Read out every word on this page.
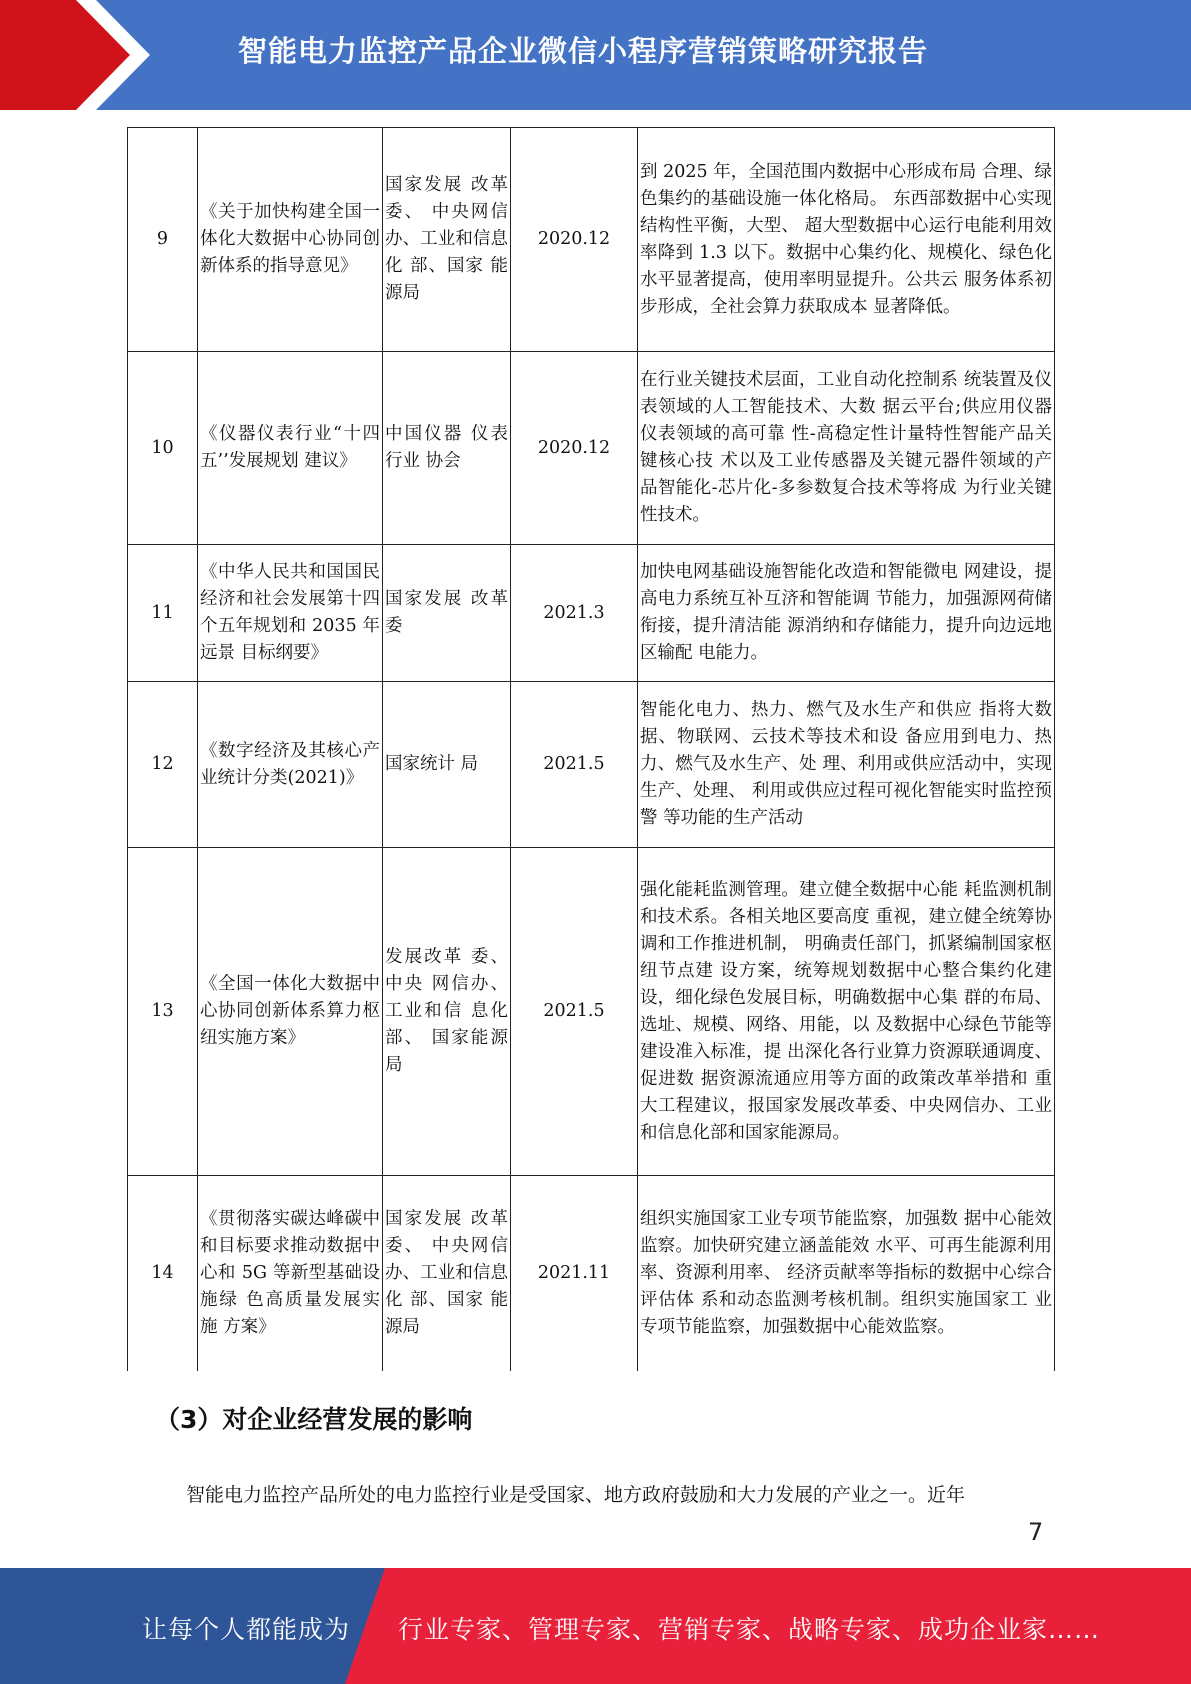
智能电力监控产品企业微信小程序营销策略研究报告
9	《关于加快构建全国一体化大数据中心协同创新体系的指导意见》	国家发展 改革委、 中央网信 办、工业和信息化 部、国家 能源局	2020.12	到 2025 年，全国范围内数据中心形成布局 合理、绿色集约的基础设施一体化格局。 东西部数据中心实现结构性平衡，大型、 超大型数据中心运行电能利用效率降到 1.3 以下。数据中心集约化、规模化、绿色化 水平显著提高，使用率明显提升。公共云 服务体系初步形成，全社会算力获取成本 显著降低。
10	《仪器仪表行业“十四五’’发展规划 建议》	中国仪器 仪表行业 协会	2020.12	在行业关键技术层面，工业自动化控制系 统装置及仪表领域的人工智能技术、大数 据云平台;供应用仪器仪表领域的高可靠 性-高稳定性计量特性智能产品关键核心技 术以及工业传感器及关键元器件领域的产 品智能化-芯片化-多参数复合技术等将成 为行业关键性技术。
11	《中华人民共和国国民经济和社会发展第十四个五年规划和 2035 年远景 目标纲要》	国家发展 改革委	2021.3	加快电网基础设施智能化改造和智能微电 网建设，提高电力系统互补互济和智能调 节能力，加强源网荷储衔接，提升清洁能 源消纳和存储能力，提升向边远地区输配 电能力。
12	《数字经济及其核心产业统计分类(2021)》	国家统计 局	2021.5	智能化电力、热力、燃气及水生产和供应 指将大数据、物联网、云技术等技术和设 备应用到电力、热力、燃气及水生产、处 理、利用或供应活动中，实现生产、处理、 利用或供应过程可视化智能实时监控预警 等功能的生产活动
13	《全国一体化大数据中心协同创新体系算力枢纽实施方案》	发展改革 委、中央 网信办、工业和信 息化部、 国家能源 局	2021.5	强化能耗监测管理。建立健全数据中心能 耗监测机制和技术系。各相关地区要高度 重视，建立健全统筹协调和工作推进机制， 明确责任部门，抓紧编制国家枢纽节点建 设方案，统筹规划数据中心整合集约化建 设，细化绿色发展目标，明确数据中心集 群的布局、选址、规模、网络、用能，以 及数据中心绿色节能等建设准入标准，提 出深化各行业算力资源联通调度、促进数 据资源流通应用等方面的政策改革举措和 重大工程建议，报国家发展改革委、中央网信办、工业和信息化部和国家能源局。
14	《贯彻落实碳达峰碳中和目标要求推动数据中心和 5G 等新型基础设施绿 色高质量发展实施 方案》	国家发展 改革委、 中央网信 办、工业和信息化 部、国家 能源局	2021.11	组织实施国家工业专项节能监察，加强数 据中心能效监察。加快研究建立涵盖能效 水平、可再生能源利用率、资源利用率、 经济贡献率等指标的数据中心综合评估体 系和动态监测考核机制。组织实施国家工 业专项节能监察，加强数据中心能效监察。
（3）对企业经营发展的影响
智能电力监控产品所处的电力监控行业是受国家、地方政府鼓励和大力发展的产业之一。近年
7
让每个人都能成为 行业专家、管理专家、营销专家、战略专家、成功企业家……
